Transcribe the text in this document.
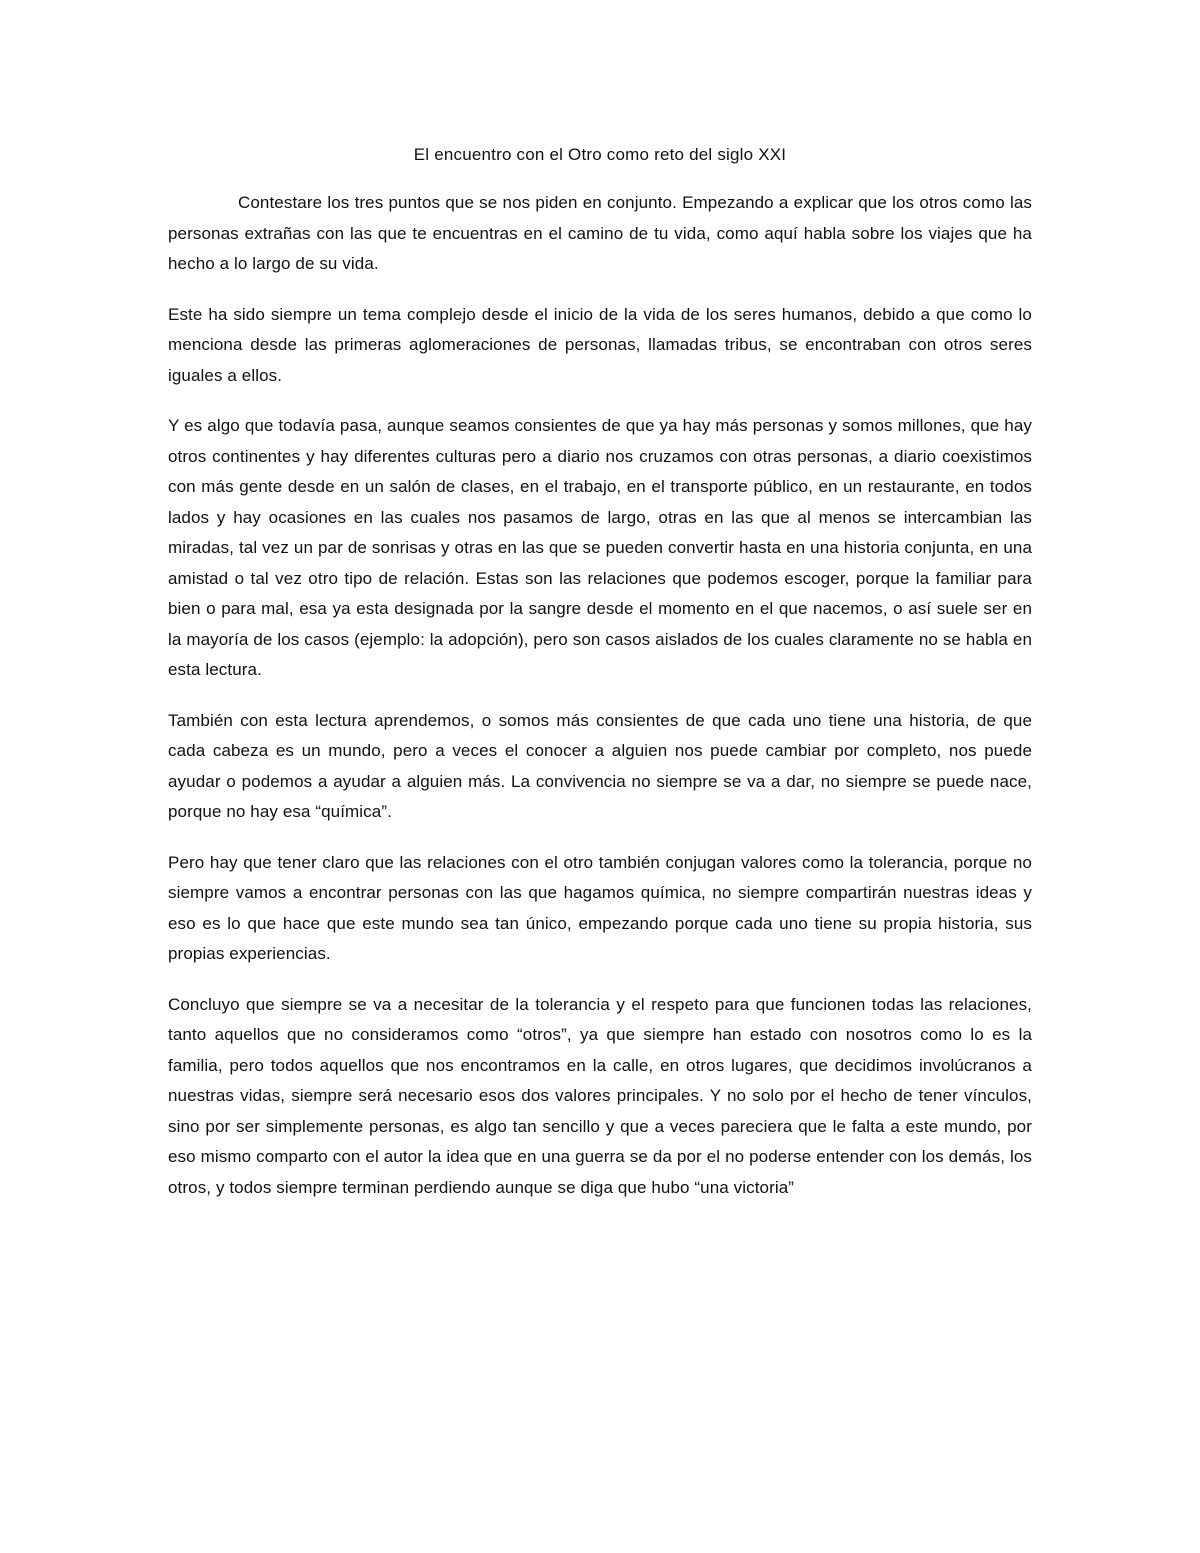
El encuentro con el Otro como reto del siglo XXI

Contestare los tres puntos que se nos piden en conjunto. Empezando a explicar que los otros como las personas extrañas con las que te encuentras en el camino de tu vida, como aquí habla sobre los viajes que ha hecho a lo largo de su vida.

Este ha sido siempre un tema complejo desde el inicio de la vida de los seres humanos, debido a que como lo menciona desde las primeras aglomeraciones de personas, llamadas tribus, se encontraban con otros seres iguales a ellos.

Y es algo que todavía pasa, aunque seamos consientes de que ya hay más personas y somos millones, que hay otros continentes y hay diferentes culturas pero a diario nos cruzamos con otras personas, a diario coexistimos con más gente desde en un salón de clases, en el trabajo, en el transporte público, en un restaurante, en todos lados y hay ocasiones en las cuales nos pasamos de largo, otras en las que al menos se intercambian las miradas, tal vez un par de sonrisas y otras en las que se pueden convertir hasta en una historia conjunta, en una amistad o tal vez otro tipo de relación. Estas son las relaciones que podemos escoger, porque la familiar para bien o para mal, esa ya esta designada por la sangre desde el momento en el que nacemos, o así suele ser en la mayoría de los casos (ejemplo: la adopción), pero son casos aislados de los cuales claramente no se habla en esta lectura.

También con esta lectura aprendemos, o somos más consientes de que cada uno tiene una historia, de que cada cabeza es un mundo, pero a veces el conocer a alguien nos puede cambiar por completo, nos puede ayudar o podemos a ayudar a alguien más. La convivencia no siempre se va a dar, no siempre se puede nace, porque no hay esa “química”.

Pero hay que tener claro que las relaciones con el otro también conjugan valores como la tolerancia, porque no siempre vamos a encontrar personas con las que hagamos química, no siempre compartirán nuestras ideas y eso es lo que hace que este mundo sea tan único, empezando porque cada uno tiene su propia historia, sus propias experiencias.

Concluyo que siempre se va a necesitar de la tolerancia y el respeto para que funcionen todas las relaciones, tanto aquellos que no consideramos como “otros”, ya que siempre han estado con nosotros como lo es la familia, pero todos aquellos que nos encontramos en la calle, en otros lugares, que decidimos involúcranos a nuestras vidas, siempre será necesario esos dos valores principales. Y no solo por el hecho de tener vínculos, sino por ser simplemente personas, es algo tan sencillo y que a veces pareciera que le falta a este mundo, por eso mismo comparto con el autor la idea que en una guerra se da por el no poderse entender con los demás, los otros, y todos siempre terminan perdiendo aunque se diga que hubo “una victoria”
